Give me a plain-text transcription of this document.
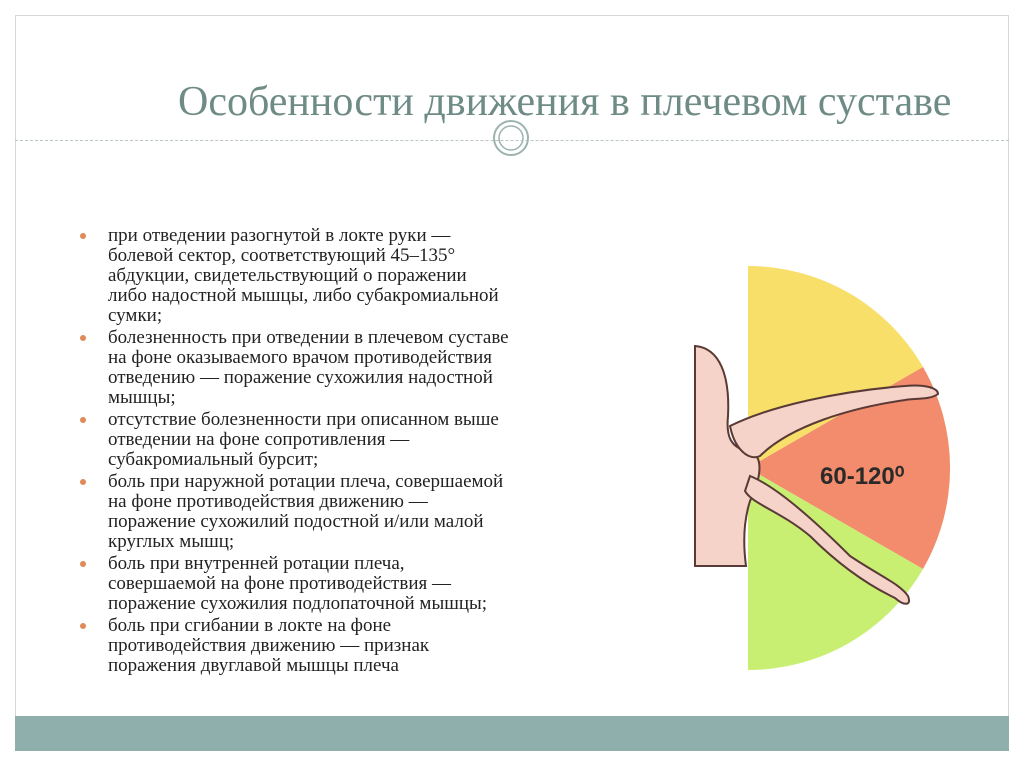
Особенности движения в плечевом суставе
при отведении разогнутой в локте руки —
болевой сектор, соответствующий 45–135°
абдукции, свидетельствующий о поражении
либо надостной мышцы, либо субакромиальной
сумки;
болезненность при отведении в плечевом суставе
на фоне оказываемого врачом противодействия
отведению — поражение сухожилия надостной
мышцы;
отсутствие болезненности при описанном выше
отведении на фоне сопротивления —
субакромиальный бурсит;
боль при наружной ротации плеча, совершаемой
на фоне противодействия движению —
поражение сухожилий подостной и/или малой
круглых мышц;
боль при внутренней ротации плеча,
совершаемой на фоне противодействия —
поражение сухожилия подлопаточной мышцы;
боль при сгибании в локте на фоне
противодействия движению — признак
поражения двуглавой мышцы плеча
60-120⁰
